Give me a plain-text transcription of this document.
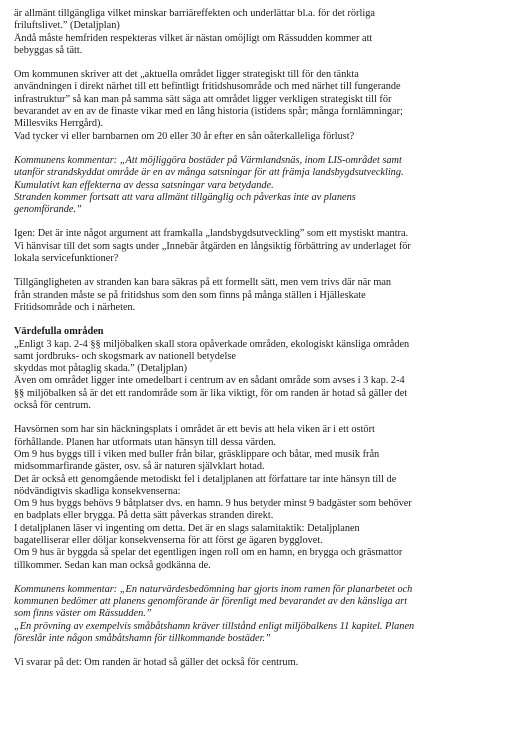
är allmänt tillgängliga vilket minskar barriäreffekten och underlättar bl.a. för det rörliga
friluftslivet.” (Detaljplan)
Ändå måste hemfriden respekteras vilket är nästan omöjligt om Rässudden kommer att
bebyggas så tätt.
Om kommunen skriver att det „aktuella området ligger strategiskt till för den tänkta
användningen i direkt närhet till ett befintligt fritidshusområde och med närhet till fungerande
infrastruktur” så kan man på samma sätt säga att området ligger verkligen strategiskt till för
bevarandet av en av de finaste vikar med en lång historia (istidens spår; många fornlämningar;
Millesviks Herrgård).
Vad tycker vi eller barnbarnen om 20 eller 30 år efter en sån oåterkalleliga förlust?
Kommunens kommentar: „Att möjliggöra bostäder på Värmlandsnäs, inom LIS-området samt
utanför strandskyddat område är en av många satsningar för att främja landsbygdsutveckling.
Kumulativt kan effekterna av dessa satsningar vara betydande.
Stranden kommer fortsatt att vara allmänt tillgänglig och påverkas inte av planens
genomförande.”
Igen: Det är inte något argument att framkalla „landsbygdsutveckling” som ett mystiskt mantra.
Vi hänvisar till det som sagts under „Innebär åtgärden en långsiktig förbättring av underlaget för
lokala servicefunktioner?
Tillgängligheten av stranden kan bara säkras på ett formellt sätt, men vem trivs där när man
från stranden måste se på fritidshus som den som finns på många ställen i Hjälleskate
Fritidsområde och i närheten.
Värdefulla områden
„Enligt 3 kap. 2-4 §§ miljöbalken skall stora opåverkade områden, ekologiskt känsliga områden
samt jordbruks- och skogsmark av nationell betydelse
skyddas mot påtaglig skada.” (Detaljplan)
Även om området ligger inte omedelbart i centrum av en sådant område som avses i 3 kap. 2-4
§§ miljöbalken så är det ett randområde som är lika viktigt, för om randen är hotad så gäller det
också för centrum.
Havsörnen som har sin häckningsplats i området är ett bevis att hela viken är i ett ostört
förhållande. Planen har utformats utan hänsyn till dessa värden.
Om 9 hus byggs till i viken med buller från bilar, gräsklippare och båtar, med musik från
midsommarfirande gäster, osv. så är naturen självklart hotad.
Det är också ett genomgående metodiskt fel i detaljplanen att författare tar inte hänsyn till de
nödvändigtvis skadliga konsekvenserna:
Om 9 hus byggs behövs 9 båtplatser dvs. en hamn. 9 hus betyder minst 9 badgäster som behöver
en badplats eller brygga. På detta sätt påverkas stranden direkt.
I detaljplanen läser vi ingenting om detta. Det är en slags salamitaktik: Detaljplanen
bagatelliserar eller döljar konsekvenserna för att först ge ägaren bygglovet.
Om 9 hus är byggda så spelar det egentligen ingen roll om en hamn, en brygga och gräsmattor
tillkommer. Sedan kan man också godkänna de.
Kommunens kommentar: „En naturvärdesbedömning har gjorts inom ramen för planarbetet och
kommunen bedömer att planens genomförande är förenligt med bevarandet av den känsliga art
som finns väster om Rässudden.”
„En prövning av exempelvis småbåtshamn kräver tillstånd enligt miljöbalkens 11 kapitel. Planen
föreslår inte någon småbåtshamn för tillkommande bostäder.”
Vi svarar på det: Om randen är hotad så gäller det också för centrum.
